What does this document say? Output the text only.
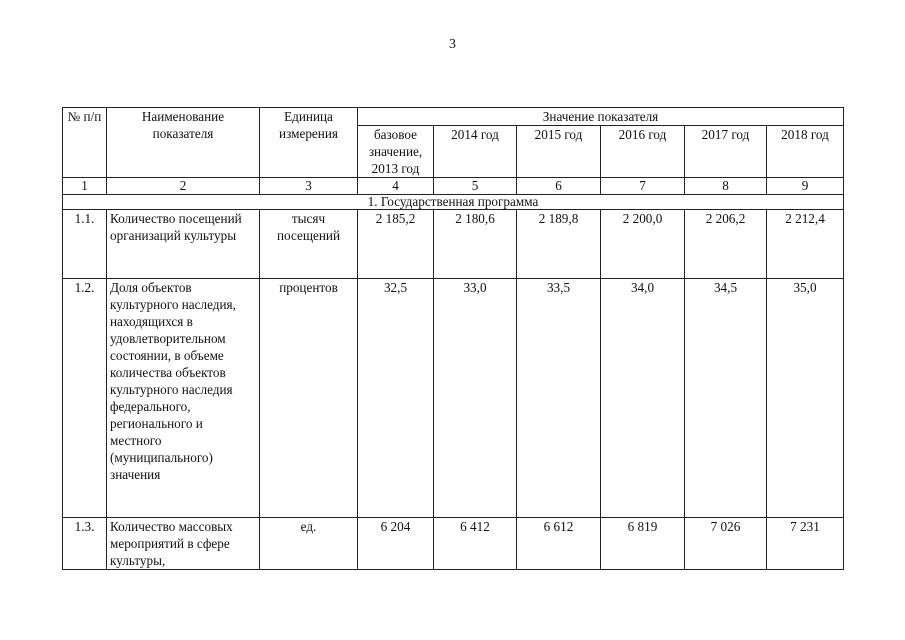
3
№ п/п	Наименование показателя	Единица измерения	Значение показателя					
			базовое значение, 2013 год	2014 год	2015 год	2016 год	2017 год	2018 год
1	2	3	4	5	6	7	8	9
1. Государственная программа								
1.1.	Количество посещений организаций культуры	тысяч посещений	2 185,2	2 180,6	2 189,8	2 200,0	2 206,2	2 212,4
1.2.	Доля объектов культурного наследия, находящихся в удовлетворительном состоянии, в объеме количества объектов культурного наследия федерального, регионального и местного (муниципального) значения	процентов	32,5	33,0	33,5	34,0	34,5	35,0
1.3.	Количество массовых мероприятий в сфере культуры,	ед.	6 204	6 412	6 612	6 819	7 026	7 231
